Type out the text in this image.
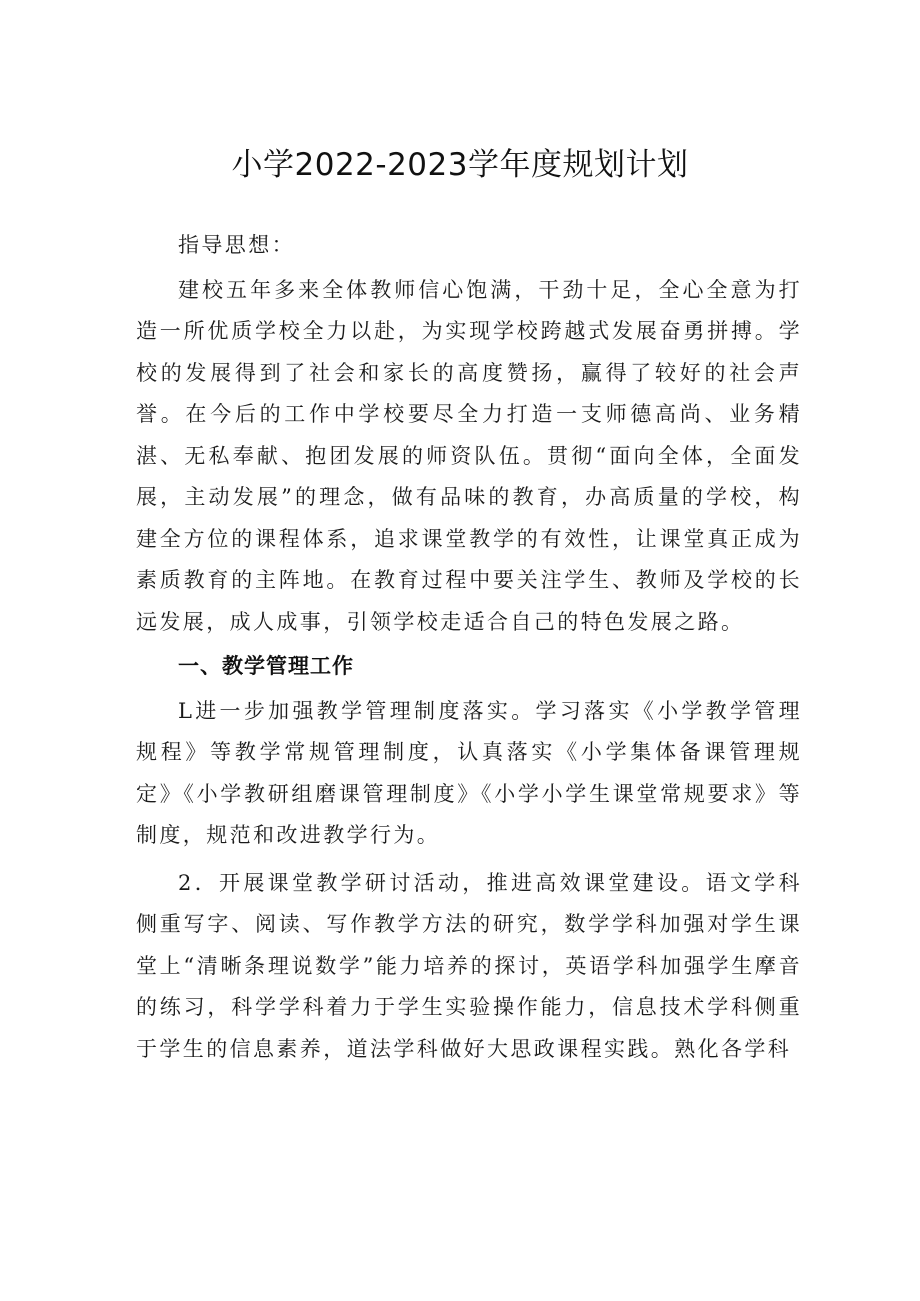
小学2022-2023学年度规划计划

指导思想：

建校五年多来全体教师信心饱满，干劲十足，全心全意为打造一所优质学校全力以赴，为实现学校跨越式发展奋勇拼搏。学校的发展得到了社会和家长的高度赞扬，赢得了较好的社会声誉。在今后的工作中学校要尽全力打造一支师德高尚、业务精湛、无私奉献、抱团发展的师资队伍。贯彻“面向全体，全面发展，主动发展”的理念，做有品味的教育，办高质量的学校，构建全方位的课程体系，追求课堂教学的有效性，让课堂真正成为素质教育的主阵地。在教育过程中要关注学生、教师及学校的长远发展，成人成事，引领学校走适合自己的特色发展之路。

一、教学管理工作

L进一步加强教学管理制度落实。学习落实《小学教学管理规程》等教学常规管理制度，认真落实《小学集体备课管理规定》《小学教研组磨课管理制度》《小学小学生课堂常规要求》等制度，规范和改进教学行为。

2．开展课堂教学研讨活动，推进高效课堂建设。语文学科侧重写字、阅读、写作教学方法的研究，数学学科加强对学生课堂上“清晰条理说数学”能力培养的探讨，英语学科加强学生摩音的练习，科学学科着力于学生实验操作能力，信息技术学科侧重于学生的信息素养，道法学科做好大思政课程实践。熟化各学科
